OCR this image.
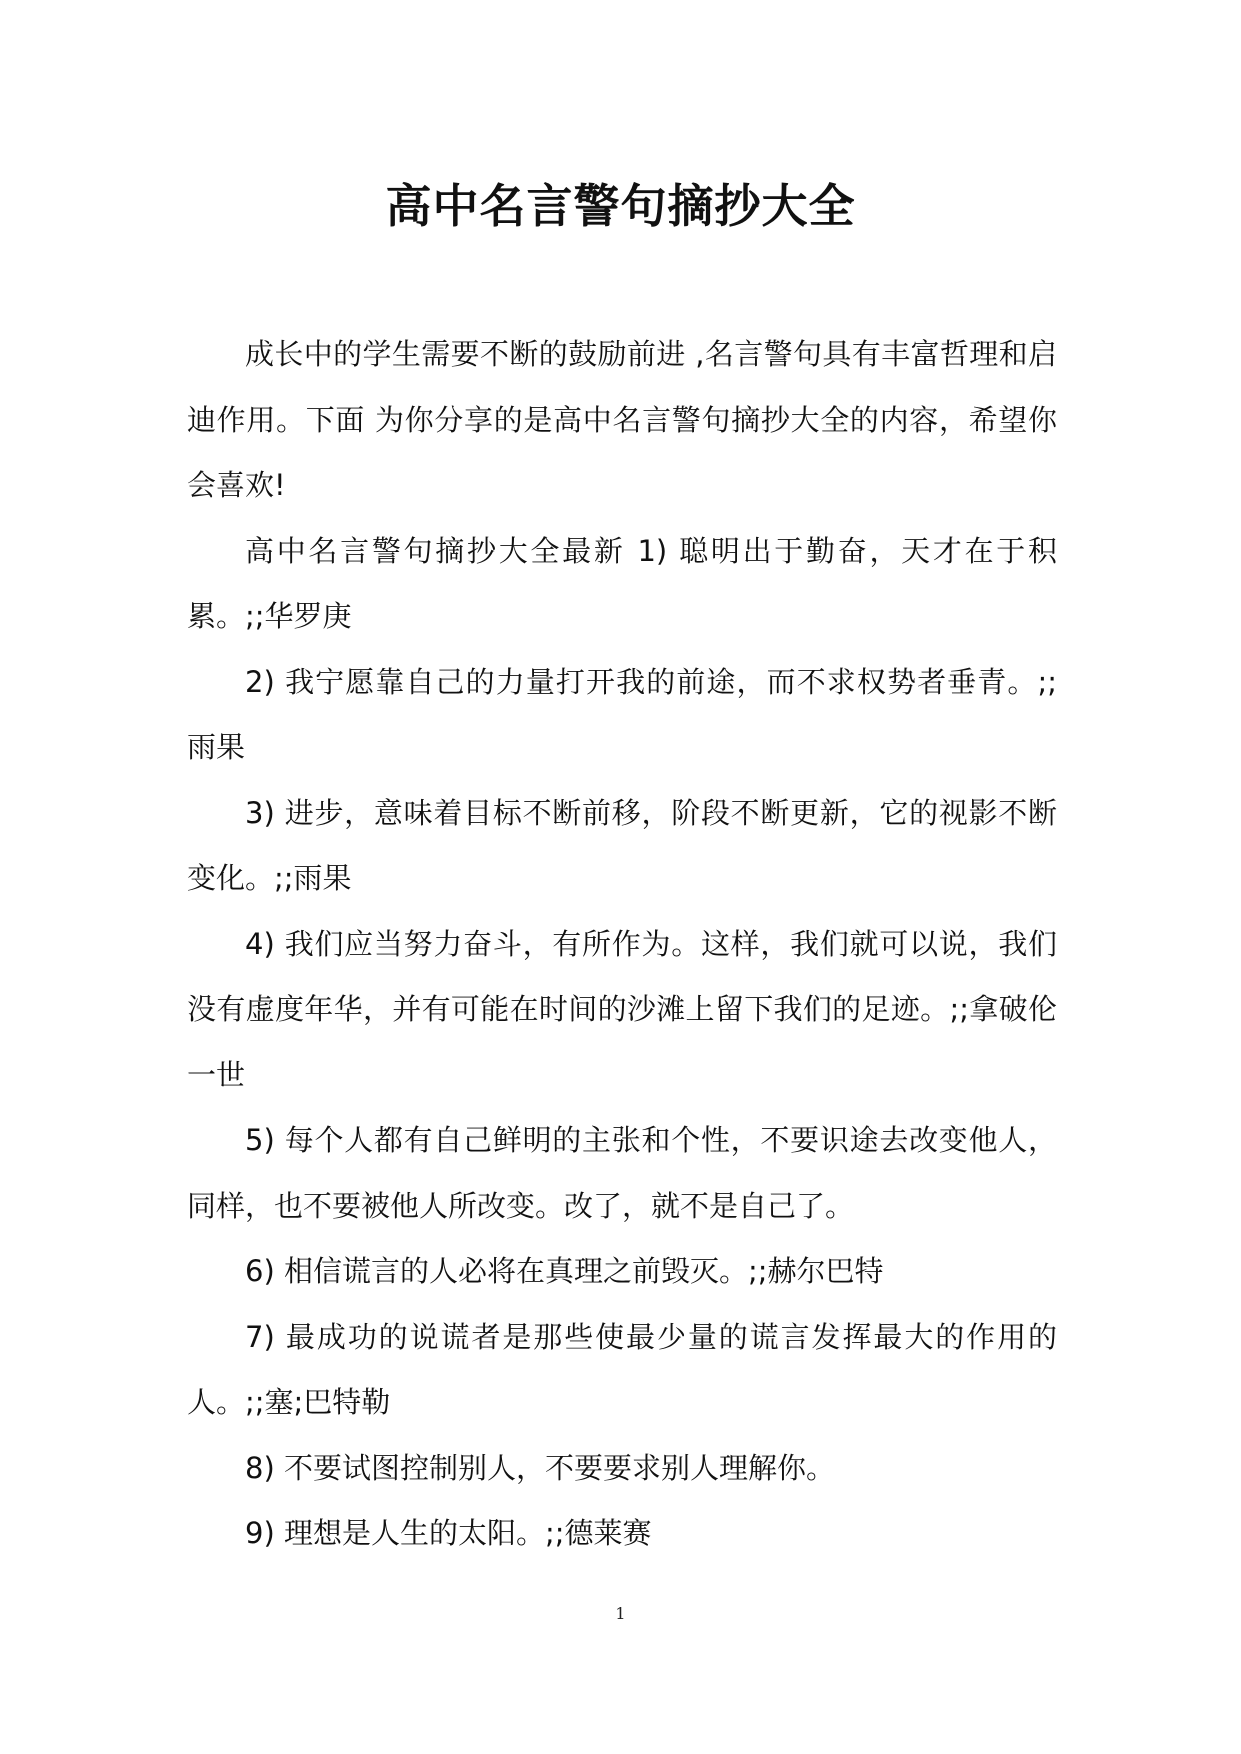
高中名言警句摘抄大全

成长中的学生需要不断的鼓励前进 ,名言警句具有丰富哲理和启迪作用。下面 为你分享的是高中名言警句摘抄大全的内容，希望你会喜欢!

高中名言警句摘抄大全最新 1) 聪明出于勤奋，天才在于积累。;;华罗庚

2) 我宁愿靠自己的力量打开我的前途，而不求权势者垂青。;;雨果

3) 进步，意味着目标不断前移，阶段不断更新，它的视影不断变化。;;雨果

4) 我们应当努力奋斗，有所作为。这样，我们就可以说，我们没有虚度年华，并有可能在时间的沙滩上留下我们的足迹。;;拿破伦一世

5) 每个人都有自己鲜明的主张和个性，不要识途去改变他人，同样，也不要被他人所改变。改了，就不是自己了。

6) 相信谎言的人必将在真理之前毁灭。;;赫尔巴特

7) 最成功的说谎者是那些使最少量的谎言发挥最大的作用的人。;;塞;巴特勒

8) 不要试图控制别人，不要要求别人理解你。

9) 理想是人生的太阳。;;德莱赛

1
